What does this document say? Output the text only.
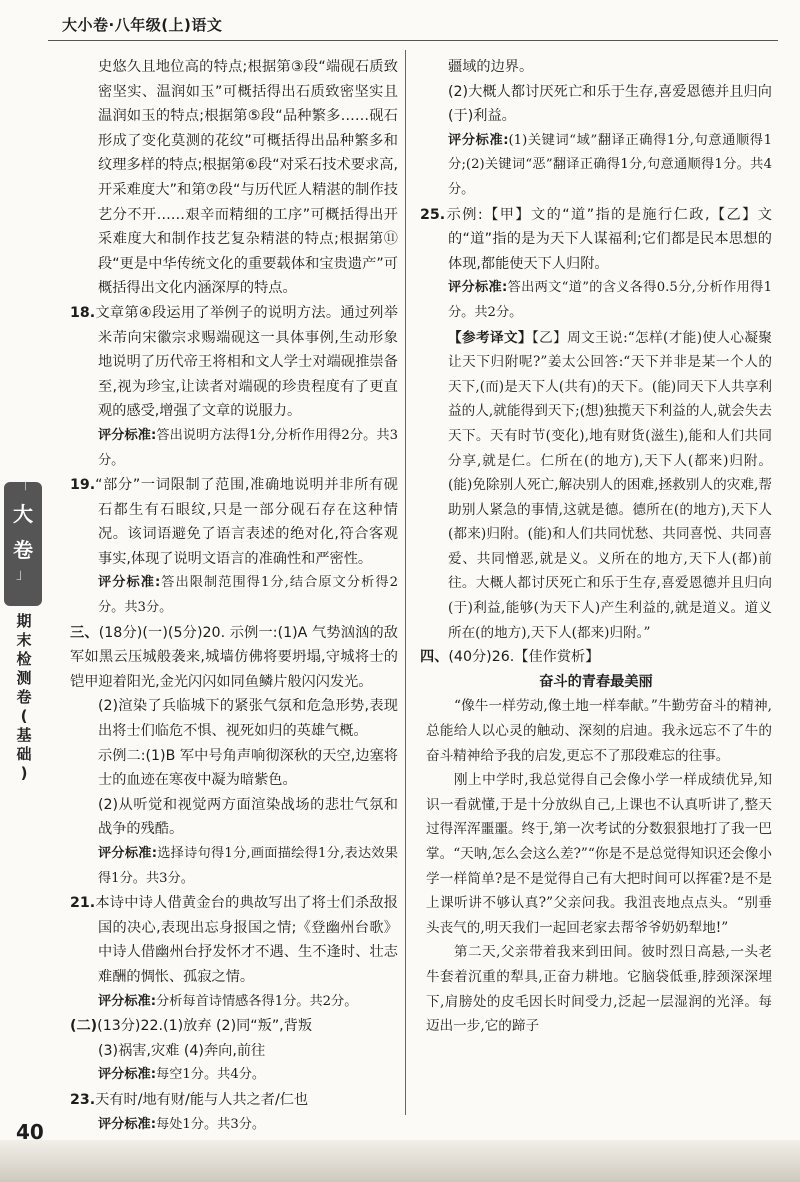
大小卷·八年级(上)语文
「
大
卷
」
期
末
检
测
卷
(
基
础
)

史悠久且地位高的特点;根据第③段“端砚石质致密坚实、温润如玉”可概括得出石质致密坚实且温润如玉的特点;根据第⑤段“品种繁多……砚石形成了变化莫测的花纹”可概括得出品种繁多和纹理多样的特点;根据第⑥段“对采石技术要求高,开采难度大”和第⑦段“与历代匠人精湛的制作技艺分不开……艰辛而精细的工序”可概括得出开采难度大和制作技艺复杂精湛的特点;根据第⑪段“更是中华传统文化的重要载体和宝贵遗产”可概括得出文化内涵深厚的特点。

18.文章第④段运用了举例子的说明方法。通过列举米芾向宋徽宗求赐端砚这一具体事例,生动形象地说明了历代帝王将相和文人学士对端砚推崇备至,视为珍宝,让读者对端砚的珍贵程度有了更直观的感受,增强了文章的说服力。

评分标准:答出说明方法得1分,分析作用得2分。共3分。

19.“部分”一词限制了范围,准确地说明并非所有砚石都生有石眼纹,只是一部分砚石存在这种情况。该词语避免了语言表述的绝对化,符合客观事实,体现了说明文语言的准确性和严密性。

评分标准:答出限制范围得1分,结合原文分析得2分。共3分。

三、(18分)(一)(5分)20. 示例一:(1)A 气势汹汹的敌军如黑云压城般袭来,城墙仿佛将要坍塌,守城将士的铠甲迎着阳光,金光闪闪如同鱼鳞片般闪闪发光。

(2)渲染了兵临城下的紧张气氛和危急形势,表现出将士们临危不惧、视死如归的英雄气概。

示例二:(1)B 军中号角声响彻深秋的天空,边塞将士的血迹在寒夜中凝为暗紫色。

(2)从听觉和视觉两方面渲染战场的悲壮气氛和战争的残酷。

评分标准:选择诗句得1分,画面描绘得1分,表达效果得1分。共3分。

21.本诗中诗人借黄金台的典故写出了将士们杀敌报国的决心,表现出忘身报国之情;《登幽州台歌》中诗人借幽州台抒发怀才不遇、生不逢时、壮志难酬的惆怅、孤寂之情。

评分标准:分析每首诗情感各得1分。共2分。

(二)(13分)22.(1)放弃 (2)同“叛”,背叛

(3)祸害,灾难 (4)奔向,前往

评分标准:每空1分。共4分。

23.天有时/地有财/能与人共之者/仁也

评分标准:每处1分。共3分。

疆域的边界。

(2)大概人都讨厌死亡和乐于生存,喜爱恩德并且归向(于)利益。

评分标准:(1)关键词“域”翻译正确得1分,句意通顺得1分;(2)关键词“恶”翻译正确得1分,句意通顺得1分。共4分。

25.示例:【甲】文的“道”指的是施行仁政,【乙】文的“道”指的是为天下人谋福利;它们都是民本思想的体现,都能使天下人归附。

评分标准:答出两文“道”的含义各得0.5分,分析作用得1分。共2分。

【参考译文】【乙】周文王说:“怎样(才能)使人心凝聚让天下归附呢?”姜太公回答:“天下并非是某一个人的天下,(而)是天下人(共有)的天下。(能)同天下人共享利益的人,就能得到天下;(想)独揽天下利益的人,就会失去天下。天有时节(变化),地有财货(滋生),能和人们共同分享,就是仁。仁所在(的地方),天下人(都来)归附。(能)免除别人死亡,解决别人的困难,拯救别人的灾难,帮助别人紧急的事情,这就是德。德所在(的地方),天下人(都来)归附。(能)和人们共同忧愁、共同喜悦、共同喜爱、共同憎恶,就是义。义所在的地方,天下人(都)前往。大概人都讨厌死亡和乐于生存,喜爱恩德并且归向(于)利益,能够(为天下人)产生利益的,就是道义。道义所在(的地方),天下人(都来)归附。”

四、(40分)26.【佳作赏析】

奋斗的青春最美丽

“像牛一样劳动,像土地一样奉献。”牛勤劳奋斗的精神,总能给人以心灵的触动、深刻的启迪。我永远忘不了牛的奋斗精神给予我的启发,更忘不了那段难忘的往事。

刚上中学时,我总觉得自己会像小学一样成绩优异,知识一看就懂,于是十分放纵自己,上课也不认真听讲了,整天过得浑浑噩噩。终于,第一次考试的分数狠狠地打了我一巴掌。“天呐,怎么会这么差?”“你是不是总觉得知识还会像小学一样简单?是不是觉得自己有大把时间可以挥霍?是不是上课听讲不够认真?”父亲问我。我沮丧地点点头。“别垂头丧气的,明天我们一起回老家去帮爷爷奶奶犁地!”

第二天,父亲带着我来到田间。彼时烈日高悬,一头老牛套着沉重的犁具,正奋力耕地。它脑袋低垂,脖颈深深埋下,肩膀处的皮毛因长时间受力,泛起一层湿润的光泽。每迈出一步,它的蹄子

40
